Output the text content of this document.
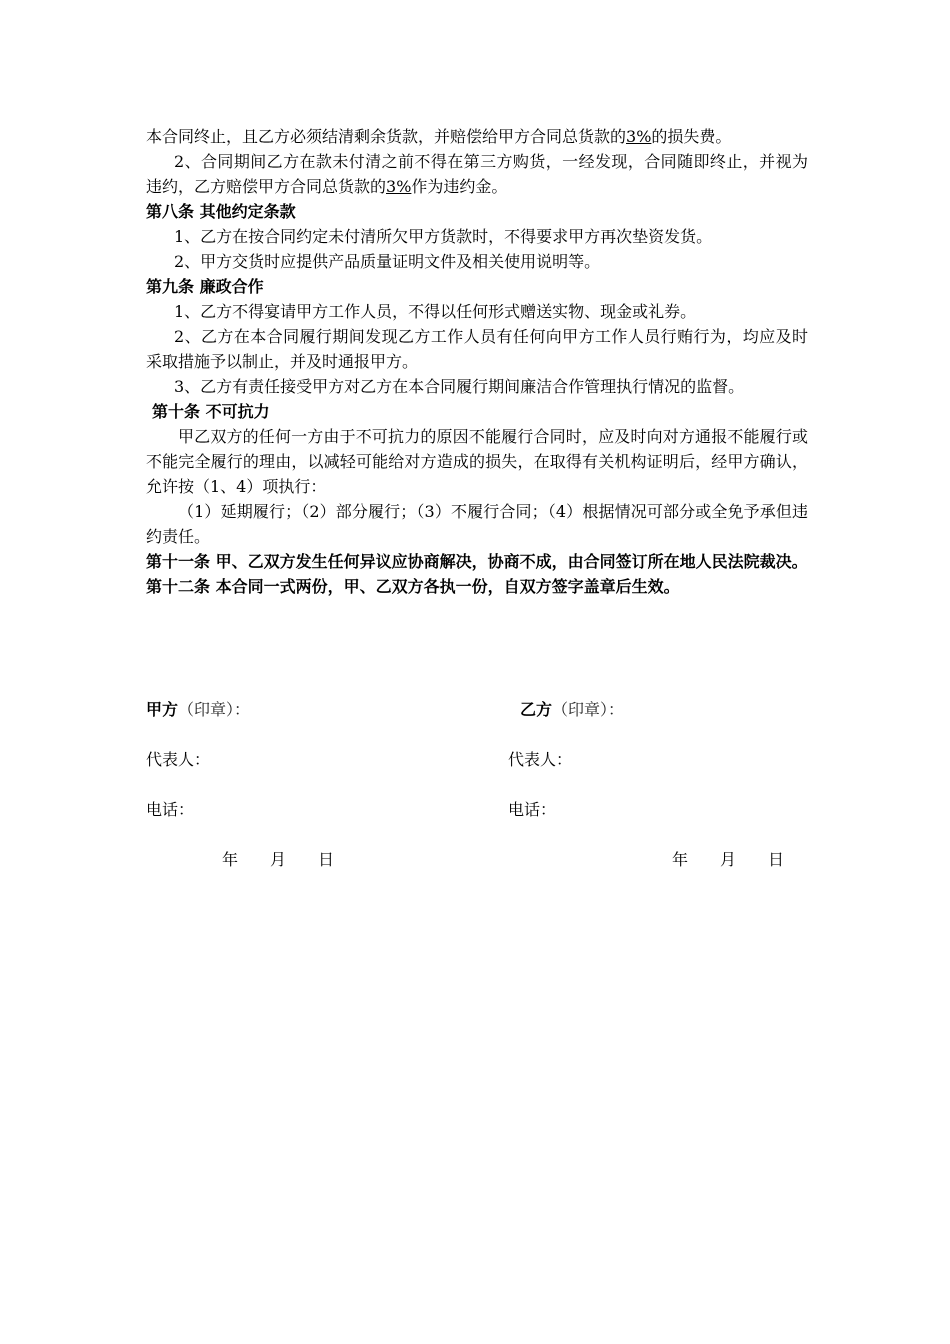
本合同终止，且乙方必须结清剩余货款，并赔偿给甲方合同总货款的3%的损失费。

2、合同期间乙方在款未付清之前不得在第三方购货，一经发现，合同随即终止，并视为违约，乙方赔偿甲方合同总货款的3%作为违约金。

第八条 其他约定条款

1、乙方在按合同约定未付清所欠甲方货款时，不得要求甲方再次垫资发货。

2、甲方交货时应提供产品质量证明文件及相关使用说明等。

第九条 廉政合作

1、乙方不得宴请甲方工作人员，不得以任何形式赠送实物、现金或礼券。

2、乙方在本合同履行期间发现乙方工作人员有任何向甲方工作人员行贿行为，均应及时采取措施予以制止，并及时通报甲方。

3、乙方有责任接受甲方对乙方在本合同履行期间廉洁合作管理执行情况的监督。

第十条 不可抗力

甲乙双方的任何一方由于不可抗力的原因不能履行合同时，应及时向对方通报不能履行或不能完全履行的理由，以减轻可能给对方造成的损失，在取得有关机构证明后，经甲方确认，允许按（1、4）项执行：

（1）延期履行；（2）部分履行；（3）不履行合同；（4）根据情况可部分或全免予承但违约责任。

第十一条 甲、乙双方发生任何异议应协商解决，协商不成，由合同签订所在地人民法院裁决。

第十二条 本合同一式两份，甲、乙双方各执一份，自双方签字盖章后生效。

甲方（印章）：	乙方（印章）：
代表人：	代表人：
电话：	电话：
年 月 日	年 月 日
